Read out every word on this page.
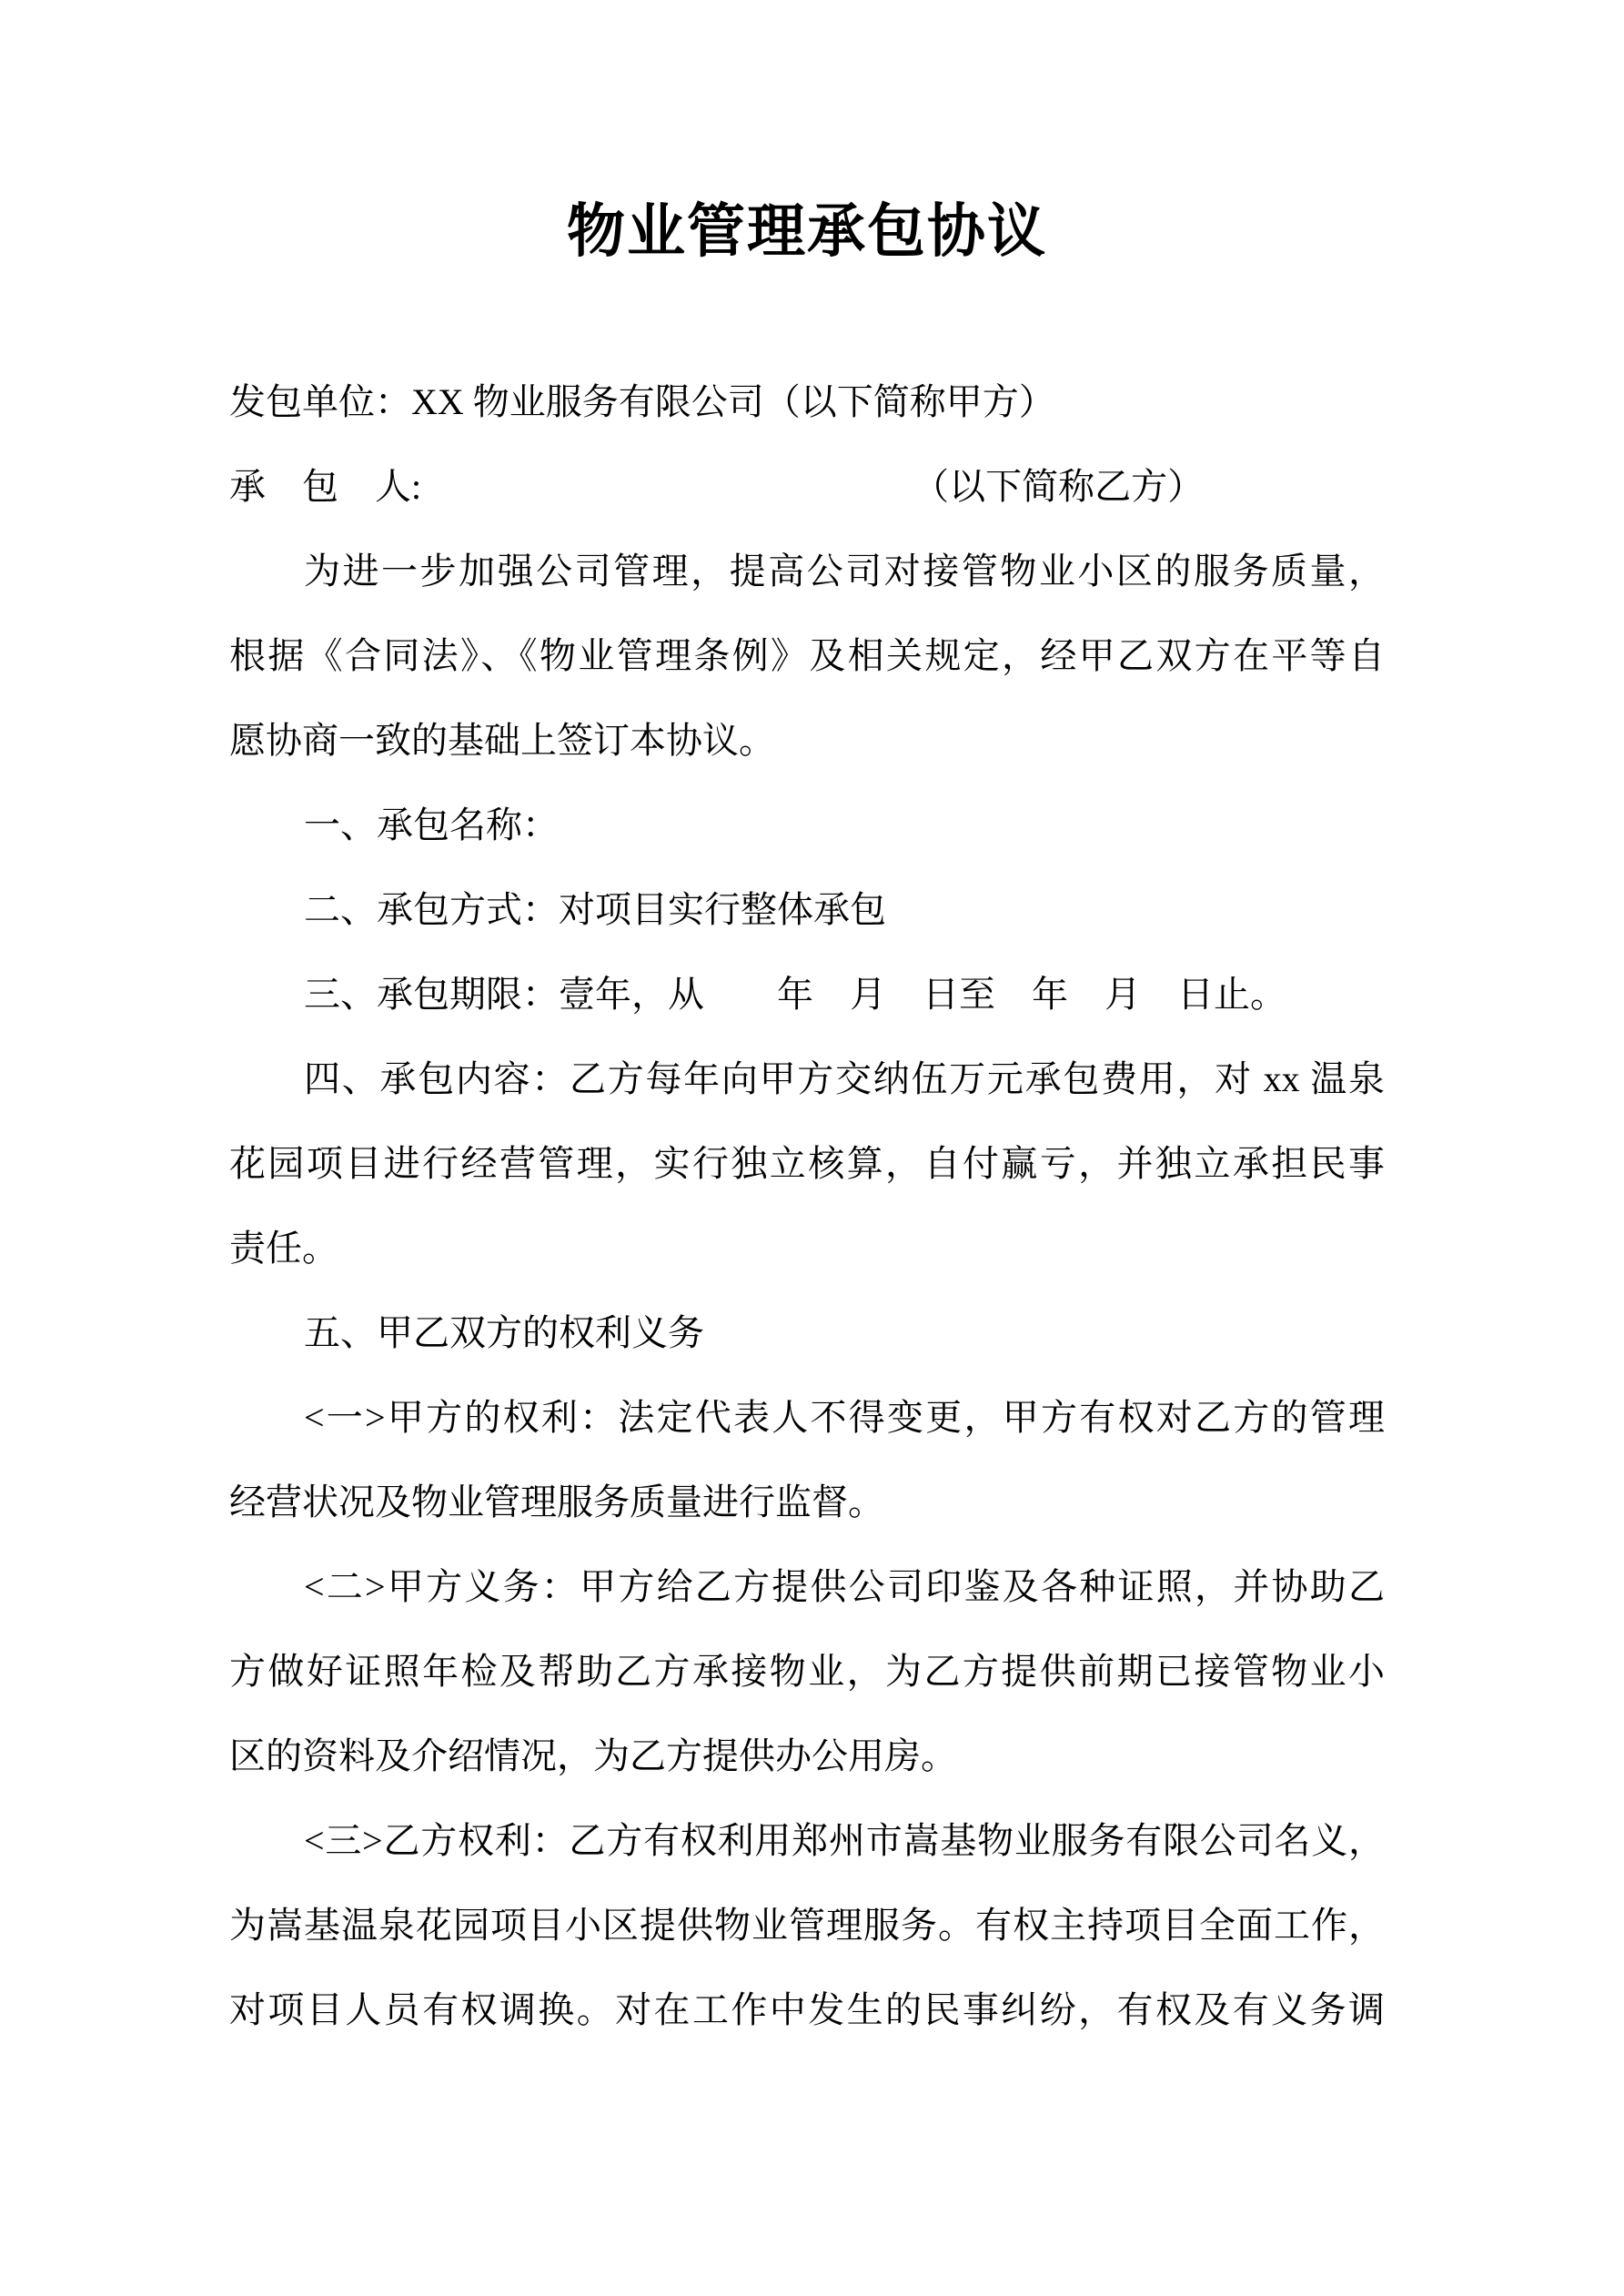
物业管理承包协议
发包单位：XX 物业服务有限公司（以下简称甲方）
承　包　人:　　　　　　　　　　　　　　（以下简称乙方）
为进一步加强公司管理，提高公司对接管物业小区的服务质量，
根据《合同法》、《物业管理条例》及相关规定，经甲乙双方在平等自
愿协商一致的基础上签订本协议。
一、承包名称：
二、承包方式：对项目实行整体承包
三、承包期限：壹年，从　　年　月　日至　年　月　日止。
四、承包内容：乙方每年向甲方交纳伍万元承包费用，对 xx 温泉
花园项目进行经营管理，实行独立核算，自付赢亏，并独立承担民事
责任。
五、甲乙双方的权利义务
<一>甲方的权利：法定代表人不得变更，甲方有权对乙方的管理
经营状况及物业管理服务质量进行监督。
<二>甲方义务：甲方给乙方提供公司印鉴及各种证照，并协助乙
方做好证照年检及帮助乙方承接物业，为乙方提供前期已接管物业小
区的资料及介绍情况，为乙方提供办公用房。
<三>乙方权利：乙方有权利用郑州市嵩基物业服务有限公司名义，
为嵩基温泉花园项目小区提供物业管理服务。有权主持项目全面工作，
对项目人员有权调换。对在工作中发生的民事纠纷，有权及有义务调
